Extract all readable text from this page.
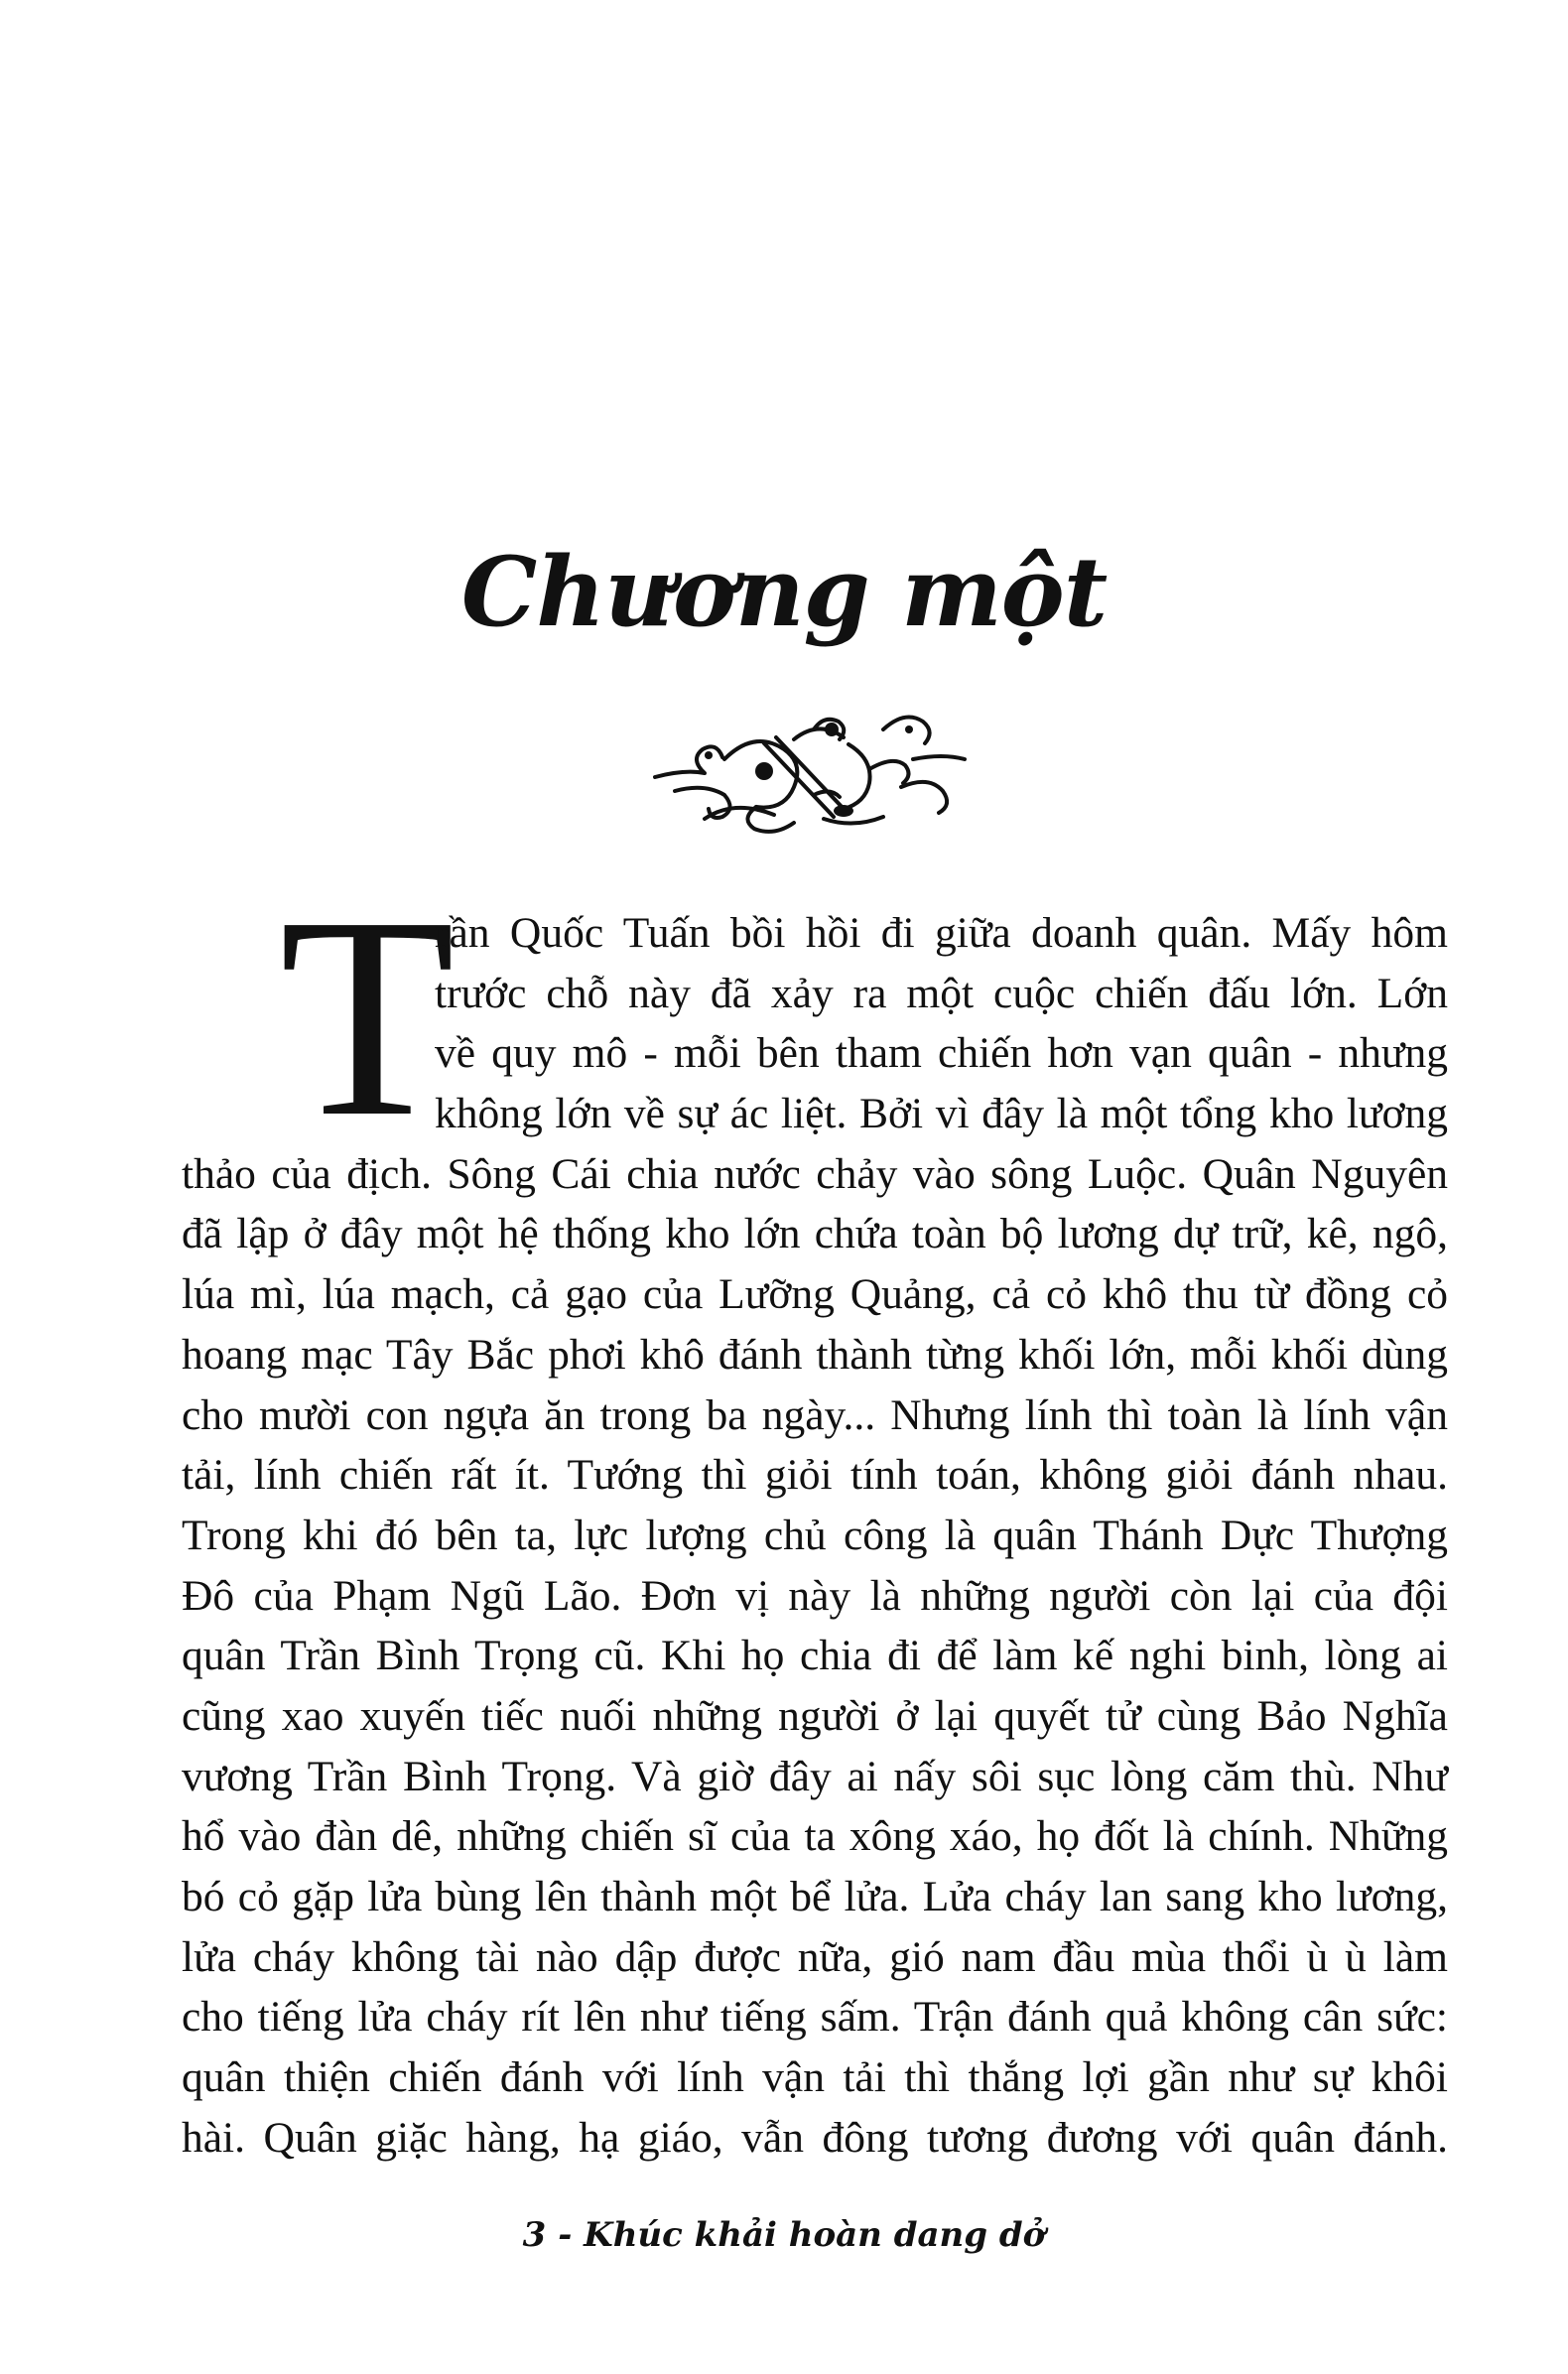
Chương một
T
rần Quốc Tuấn bồi hồi đi giữa doanh quân. Mấy hôm
trước chỗ này đã xảy ra một cuộc chiến đấu lớn. Lớn
về quy mô - mỗi bên tham chiến hơn vạn quân - nhưng
không lớn về sự ác liệt. Bởi vì đây là một tổng kho lương
thảo của địch. Sông Cái chia nước chảy vào sông Luộc. Quân Nguyên
đã lập ở đây một hệ thống kho lớn chứa toàn bộ lương dự trữ, kê, ngô,
lúa mì, lúa mạch, cả gạo của Lưỡng Quảng, cả cỏ khô thu từ đồng cỏ
hoang mạc Tây Bắc phơi khô đánh thành từng khối lớn, mỗi khối dùng
cho mười con ngựa ăn trong ba ngày... Nhưng lính thì toàn là lính vận
tải, lính chiến rất ít. Tướng thì giỏi tính toán, không giỏi đánh nhau.
Trong khi đó bên ta, lực lượng chủ công là quân Thánh Dực Thượng
Đô của Phạm Ngũ Lão. Đơn vị này là những người còn lại của đội
quân Trần Bình Trọng cũ. Khi họ chia đi để làm kế nghi binh, lòng ai
cũng xao xuyến tiếc nuối những người ở lại quyết tử cùng Bảo Nghĩa
vương Trần Bình Trọng. Và giờ đây ai nấy sôi sục lòng căm thù. Như
hổ vào đàn dê, những chiến sĩ của ta xông xáo, họ đốt là chính. Những
bó cỏ gặp lửa bùng lên thành một bể lửa. Lửa cháy lan sang kho lương,
lửa cháy không tài nào dập được nữa, gió nam đầu mùa thổi ù ù làm
cho tiếng lửa cháy rít lên như tiếng sấm. Trận đánh quả không cân sức:
quân thiện chiến đánh với lính vận tải thì thắng lợi gần như sự khôi
hài. Quân giặc hàng, hạ giáo, vẫn đông tương đương với quân đánh.
3 - Khúc khải hoàn dang dở
